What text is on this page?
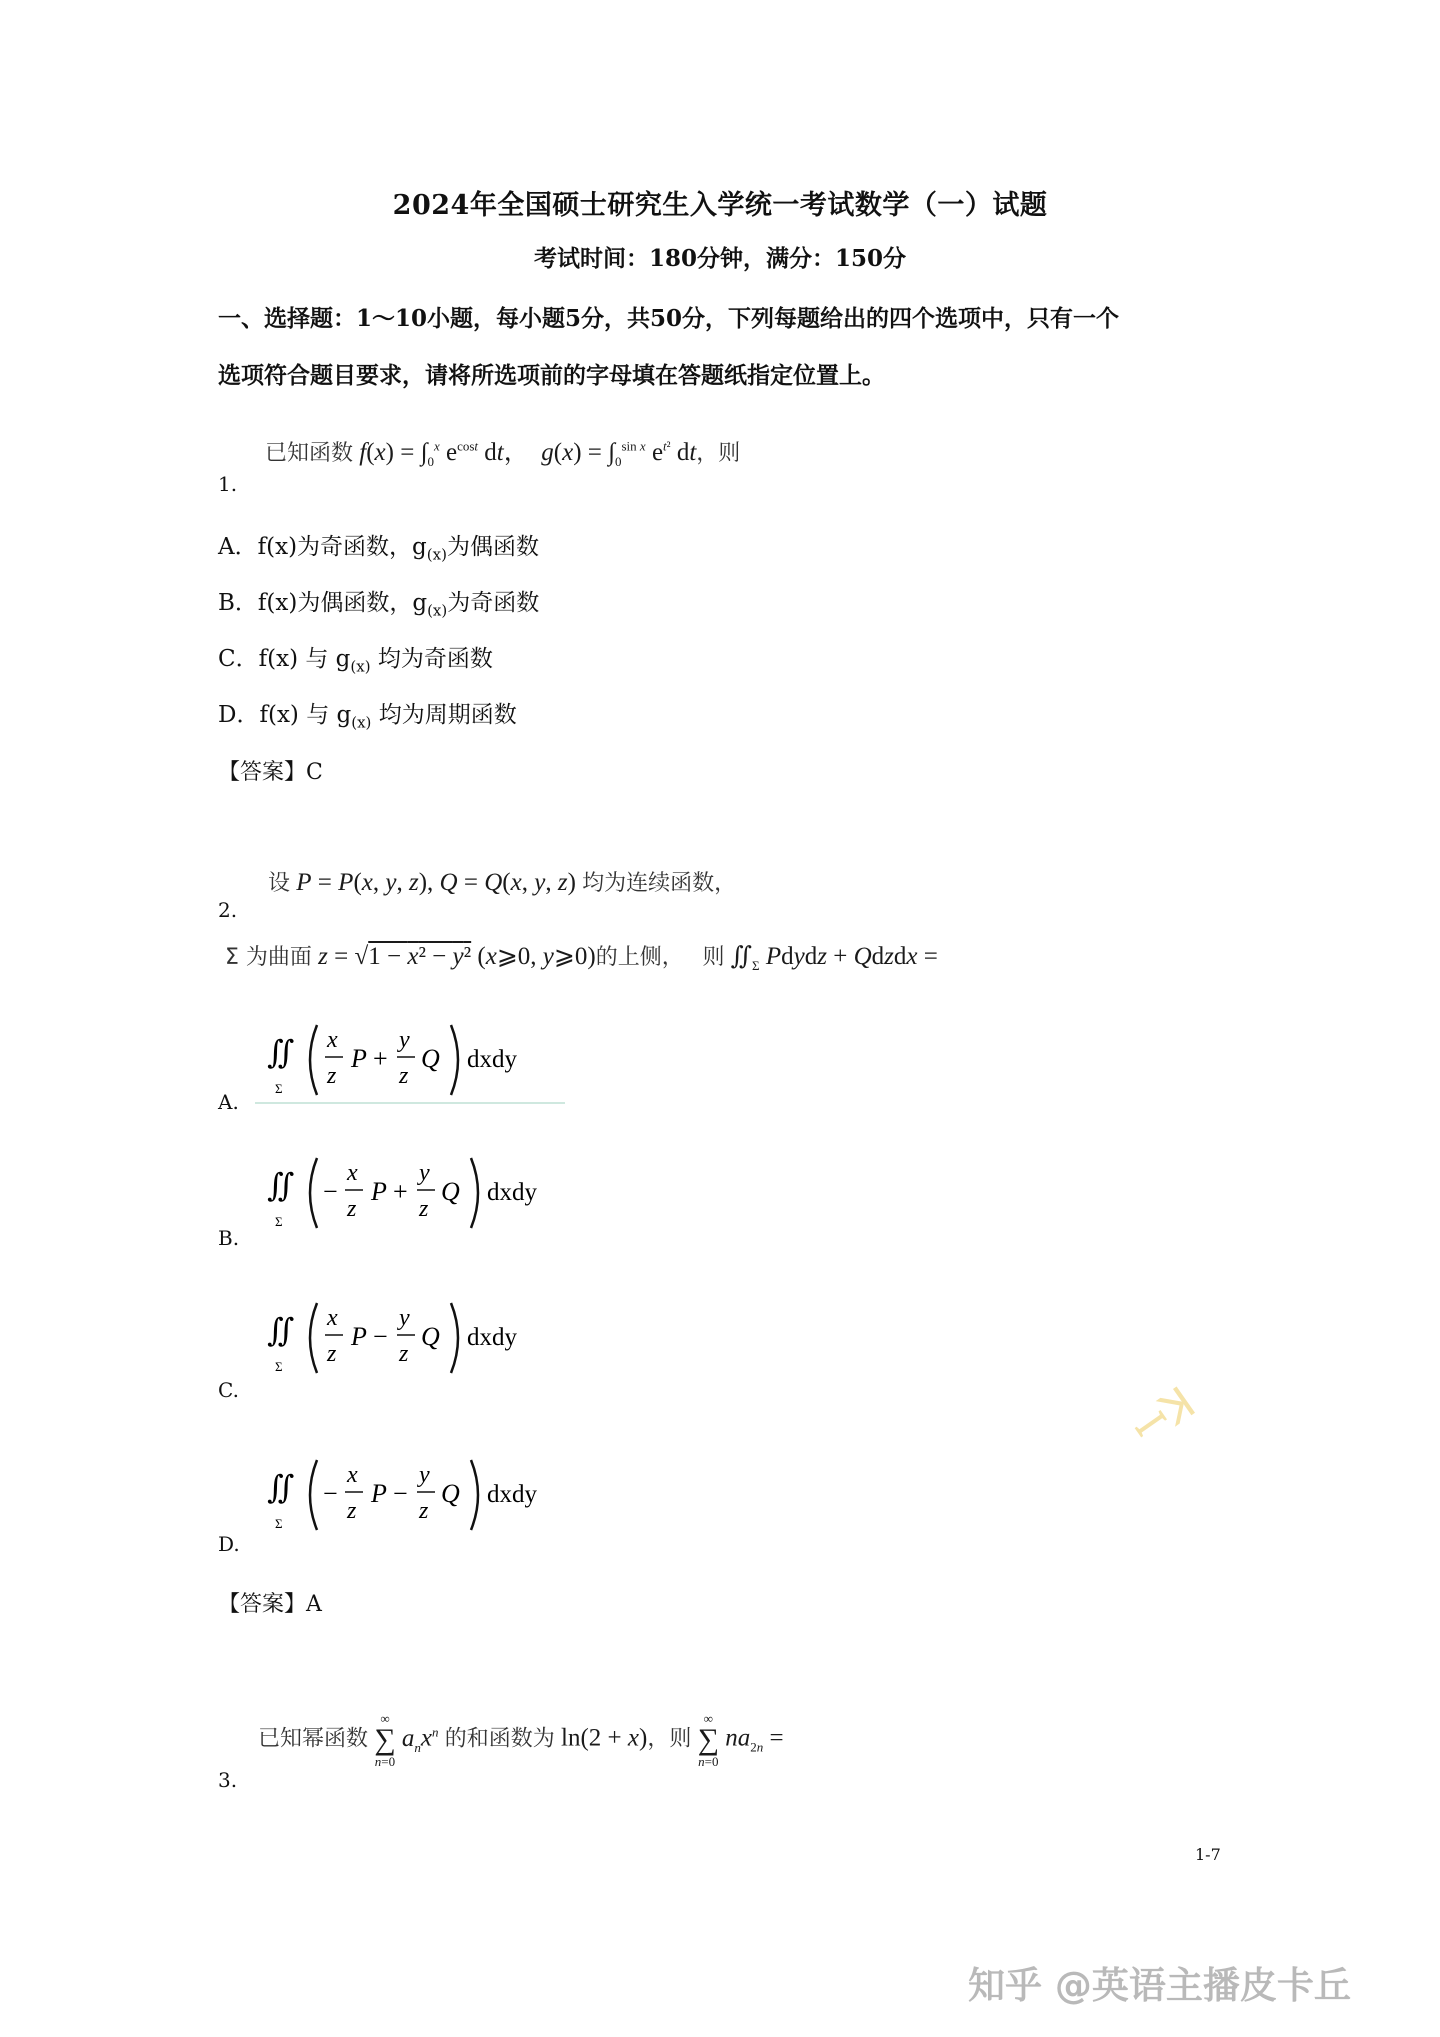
2024年全国硕士研究生入学统一考试数学（一）试题
考试时间：180分钟，满分：150分
一、选择题：1～10小题，每小题5分，共50分，下列每题给出的四个选项中，只有一个
选项符合题目要求，请将所选项前的字母填在答题纸指定位置上。
已知函数 $f(x) = \int_0^x$ $e^{cost}$ dt，  $g(x) = \int_0^{sin x}$ $e^{t^2}$ dt，则
1.
A．f(x)为奇函数，$g_{(x)}$为偶函数
B．f(x)为偶函数，$g_{(x)}$为奇函数
C．f(x) 与 $g_{(x)}$ 均为奇函数
D．f(x) 与 $g_{(x)}$ 均为周期函数
【答案】C
设 P = P(x, y, z), Q = Q(x, y, z) 均为连续函数，
2.
Σ 为曲面 z = √1 − x² − y² (x⩾0, y⩾0)的上侧， 则 $∬_\Sigma$ Pdydz + Qdzdx =
∬
Σ
x
z
P +
y
z
Q dxdy
A.
∬
Σ
−
x
z
P +
y
z
Q dxdy
B.
∬
Σ
x
z
P −
y
z
Q dxdy
C.
∬
Σ
−
x
z
P −
y
z
Q dxdy
D.
【答案】A
已知幂函数
∞
∑
n=0
$a_nx^n$ 的和函数为 ln(2 + x)，则
∞
∑
n=0
$na_{2n}$ =
3.
ꟷꓘ
1-7
知乎 @英语主播皮卡丘
